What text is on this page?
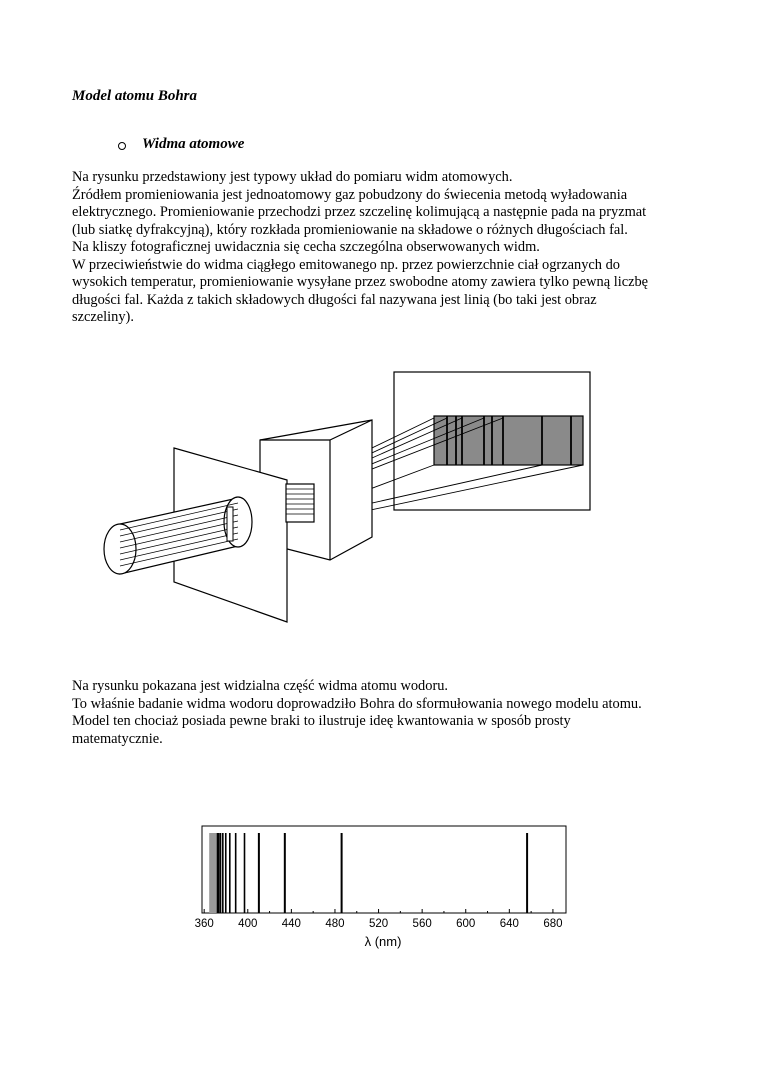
Model atomu Bohra
Widma atomowe
Na rysunku przedstawiony jest typowy układ do pomiaru widm atomowych.
Źródłem promieniowania jest jednoatomowy gaz pobudzony do świecenia metodą wyładowania
elektrycznego. Promieniowanie przechodzi przez szczelinę kolimującą a następnie pada na pryzmat
(lub siatkę dyfrakcyjną), który rozkłada promieniowanie na składowe o różnych długościach fal.
Na kliszy fotograficznej uwidacznia się cecha szczególna obserwowanych widm.
W przeciwieństwie do widma ciągłego emitowanego np. przez powierzchnie ciał ogrzanych do
wysokich temperatur, promieniowanie wysyłane przez swobodne atomy zawiera tylko pewną liczbę
długości fal. Każda z takich składowych długości fal nazywana jest linią (bo taki jest obraz
szczeliny).
Na rysunku pokazana jest widzialna część widma atomu wodoru.
To właśnie badanie widma wodoru doprowadziło Bohra do sformułowania nowego modelu atomu.
Model ten chociaż posiada pewne braki to ilustruje ideę kwantowania w sposób prosty
matematycznie.
360 400 440 480 520 560 600 640 680
λ (nm)
